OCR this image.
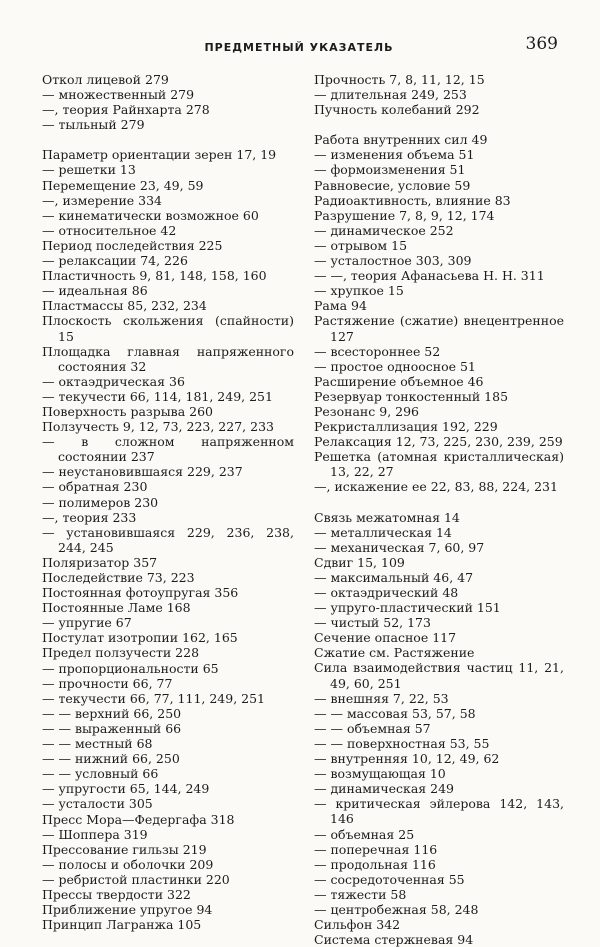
ПРЕДМЕТНЫЙ УКАЗАТЕЛЬ	369
Откол лицевой 279
— множественный 279
—, теория Райнхарта 278
— тыльный 279
Параметр ориентации зерен 17, 19
— решетки 13
Перемещение 23, 49, 59
—, измерение 334
— кинематически возможное 60
— относительное 42
Период последействия 225
— релаксации 74, 226
Пластичность 9, 81, 148, 158, 160
— идеальная 86
Пластмассы 85, 232, 234
Плоскость скольжения (спайности) 15
Площадка главная напряженного состояния 32
— октаэдрическая 36
— текучести 66, 114, 181, 249, 251
Поверхность разрыва 260
Ползучесть 9, 12, 73, 223, 227, 233
— в сложном напряженном состоянии 237
— неустановившаяся 229, 237
— обратная 230
— полимеров 230
—, теория 233
— установившаяся 229, 236, 238, 244, 245
Поляризатор 357
Последействие 73, 223
Постоянная фотоупругая 356
Постоянные Ламе 168
— упругие 67
Постулат изотропии 162, 165
Предел ползучести 228
— пропорциональности 65
— прочности 66, 77
— текучести 66, 77, 111, 249, 251
— — верхний 66, 250
— — выраженный 66
— — местный 68
— — нижний 66, 250
— — условный 66
— упругости 65, 144, 249
— усталости 305
Пресс Мора—Федергафа 318
— Шоппера 319
Прессование гильзы 219
— полосы и оболочки 209
— ребристой пластинки 220
Прессы твердости 322
Приближение упругое 94
Принцип Лагранжа 105
Прочность 7, 8, 11, 12, 15
— длительная 249, 253
Пучность колебаний 292
Работа внутренних сил 49
— изменения объема 51
— формоизменения 51
Равновесие, условие 59
Радиоактивность, влияние 83
Разрушение 7, 8, 9, 12, 174
— динамическое 252
— отрывом 15
— усталостное 303, 309
— —, теория Афанасьева Н. Н. 311
— хрупкое 15
Рама 94
Растяжение (сжатие) внецентренное 127
— всестороннее 52
— простое одноосное 51
Расширение объемное 46
Резервуар тонкостенный 185
Резонанс 9, 296
Рекристаллизация 192, 229
Релаксация 12, 73, 225, 230, 239, 259
Решетка (атомная кристаллическая) 13, 22, 27
—, искажение ее 22, 83, 88, 224, 231
Связь межатомная 14
— металлическая 14
— механическая 7, 60, 97
Сдвиг 15, 109
— максимальный 46, 47
— октаэдрический 48
— упруго-пластический 151
— чистый 52, 173
Сечение опасное 117
Сжатие см. Растяжение
Сила взаимодействия частиц 11, 21, 49, 60, 251
— внешняя 7, 22, 53
— — массовая 53, 57, 58
— — объемная 57
— — поверхностная 53, 55
— внутренняя 10, 12, 49, 62
— возмущающая 10
— динамическая 249
— критическая эйлерова 142, 143, 146
— объемная 25
— поперечная 116
— продольная 116
— сосредоточенная 55
— тяжести 58
— центробежная 58, 248
Сильфон 342
Система стержневая 94
